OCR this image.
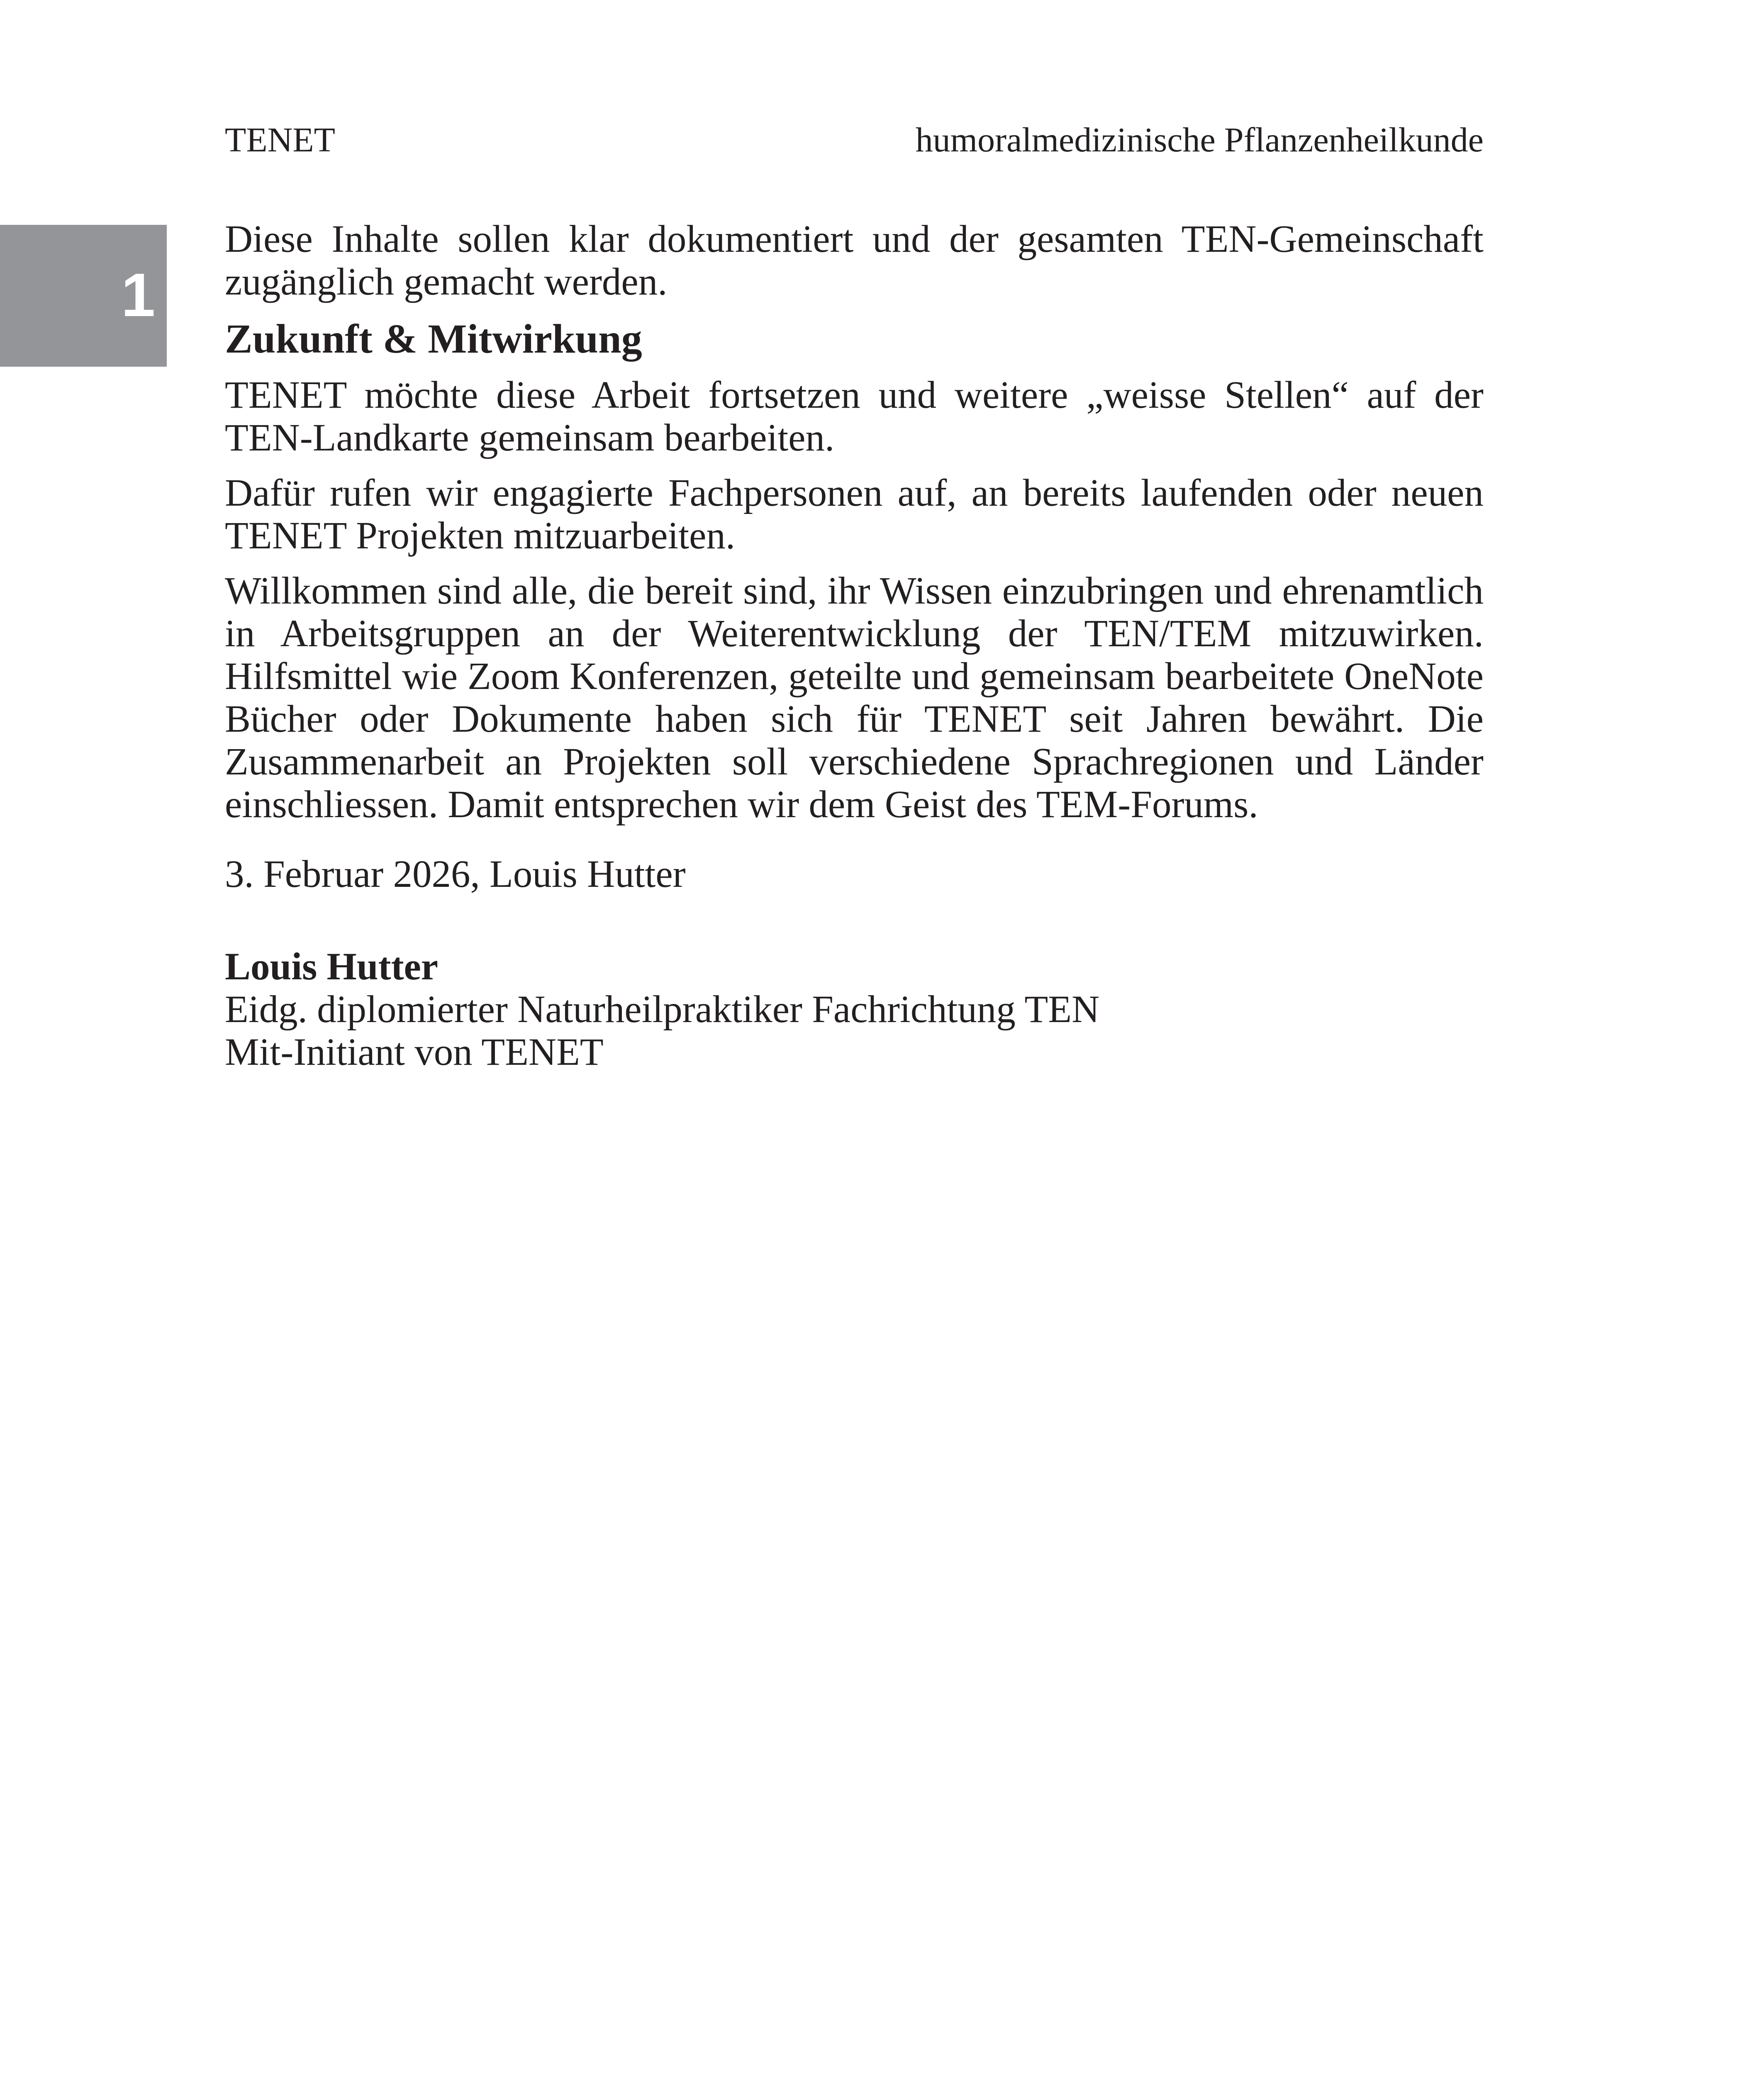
TENET	humoralmedizinische Pflanzenheilkunde
1

Diese Inhalte sollen klar dokumentiert und der gesamten TEN-Gemeinschaft zugänglich gemacht werden.

Zukunft & Mitwirkung

TENET möchte diese Arbeit fortsetzen und weitere „weisse Stellen“ auf der TEN-Landkarte gemeinsam bearbeiten.

Dafür rufen wir engagierte Fachpersonen auf, an bereits laufenden oder neuen TENET Projekten mitzuarbeiten.

Willkommen sind alle, die bereit sind, ihr Wissen einzubringen und ehrenamtlich in Arbeitsgruppen an der Weiterentwicklung der TEN/TEM mitzuwirken. Hilfsmittel wie Zoom Konferenzen, geteilte und gemeinsam bearbeitete OneNote Bücher oder Dokumente haben sich für TENET seit Jahren bewährt. Die Zusammenarbeit an Projekten soll verschiedene Sprachregionen und Länder einschliessen. Damit entsprechen wir dem Geist des TEM-Forums.

3. Februar 2026, Louis Hutter

Louis Hutter
Eidg. diplomierter Naturheilpraktiker Fachrichtung TEN
Mit-Initiant von TENET
